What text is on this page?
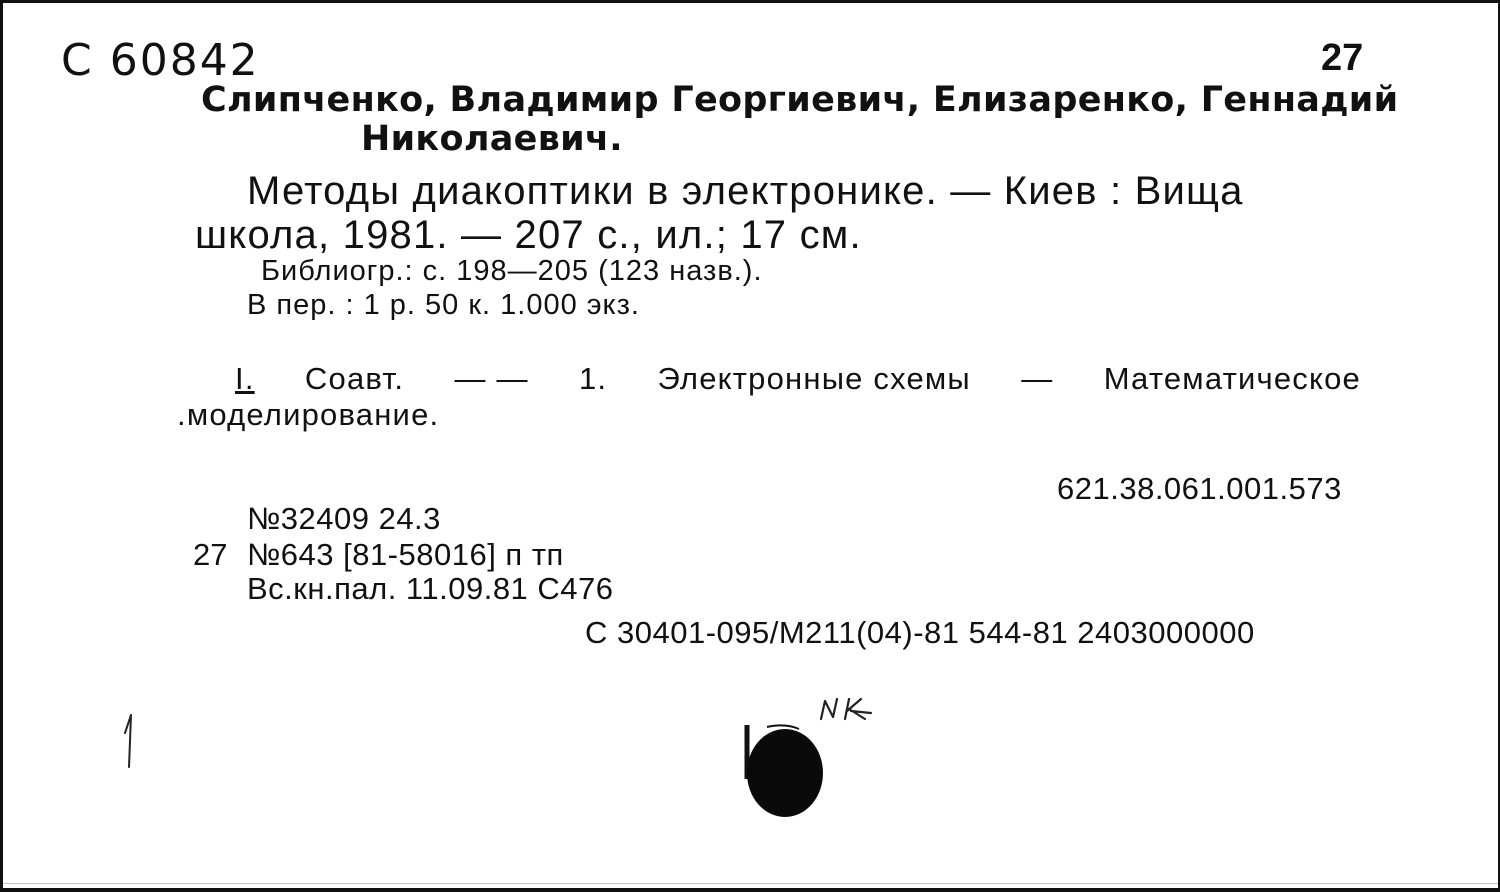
С 60842	27
Слипченко, Владимир Георгиевич, Елизаренко, Геннадий
Николаевич.
Методы диакоптики в электронике. — Киев : Вища
школа, 1981. — 207 с., ил.; 17 см.
Библиогр.: с. 198—205 (123 назв.).
В пер. : 1 р. 50 к. 1.000 экз.
I. Соавт. — — 1. Электронные схемы — Математическое
.моделирование.
621.38.061.001.573
№32409 24.3
27 №643 [81-58016] п тп
Вс.кн.пал. 11.09.81 С476
С 30401-095/М211(04)-81 544-81 2403000000
